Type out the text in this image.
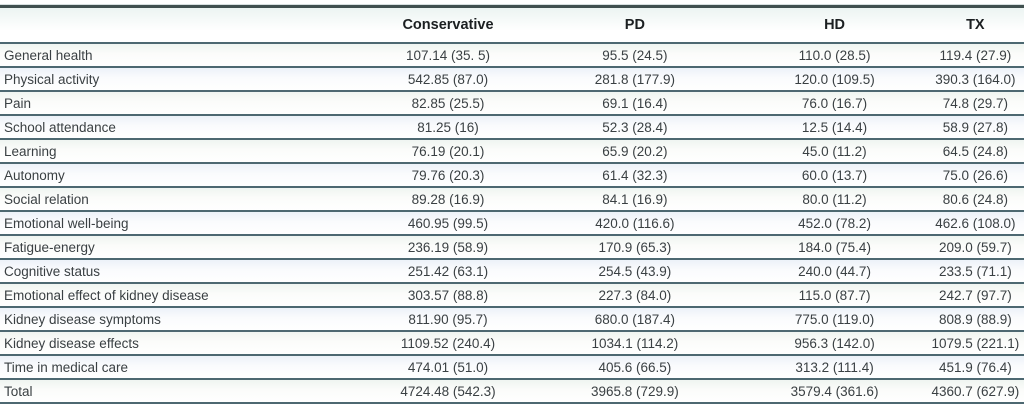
	Conservative	PD	HD	TX
General health	107.14 (35. 5)	95.5 (24.5)	110.0 (28.5)	119.4 (27.9)
Physical activity	542.85 (87.0)	281.8 (177.9)	120.0 (109.5)	390.3 (164.0)
Pain	82.85 (25.5)	69.1 (16.4)	76.0 (16.7)	74.8 (29.7)
School attendance	81.25 (16)	52.3 (28.4)	12.5 (14.4)	58.9 (27.8)
Learning	76.19 (20.1)	65.9 (20.2)	45.0 (11.2)	64.5 (24.8)
Autonomy	79.76 (20.3)	61.4 (32.3)	60.0 (13.7)	75.0 (26.6)
Social relation	89.28 (16.9)	84.1 (16.9)	80.0 (11.2)	80.6 (24.8)
Emotional well-being	460.95 (99.5)	420.0 (116.6)	452.0 (78.2)	462.6 (108.0)
Fatigue-energy	236.19 (58.9)	170.9 (65.3)	184.0 (75.4)	209.0 (59.7)
Cognitive status	251.42 (63.1)	254.5 (43.9)	240.0 (44.7)	233.5 (71.1)
Emotional effect of kidney disease	303.57 (88.8)	227.3 (84.0)	115.0 (87.7)	242.7 (97.7)
Kidney disease symptoms	811.90 (95.7)	680.0 (187.4)	775.0 (119.0)	808.9 (88.9)
Kidney disease effects	1109.52 (240.4)	1034.1 (114.2)	956.3 (142.0)	1079.5 (221.1)
Time in medical care	474.01 (51.0)	405.6 (66.5)	313.2 (111.4)	451.9 (76.4)
Total	4724.48 (542.3)	3965.8 (729.9)	3579.4 (361.6)	4360.7 (627.9)
